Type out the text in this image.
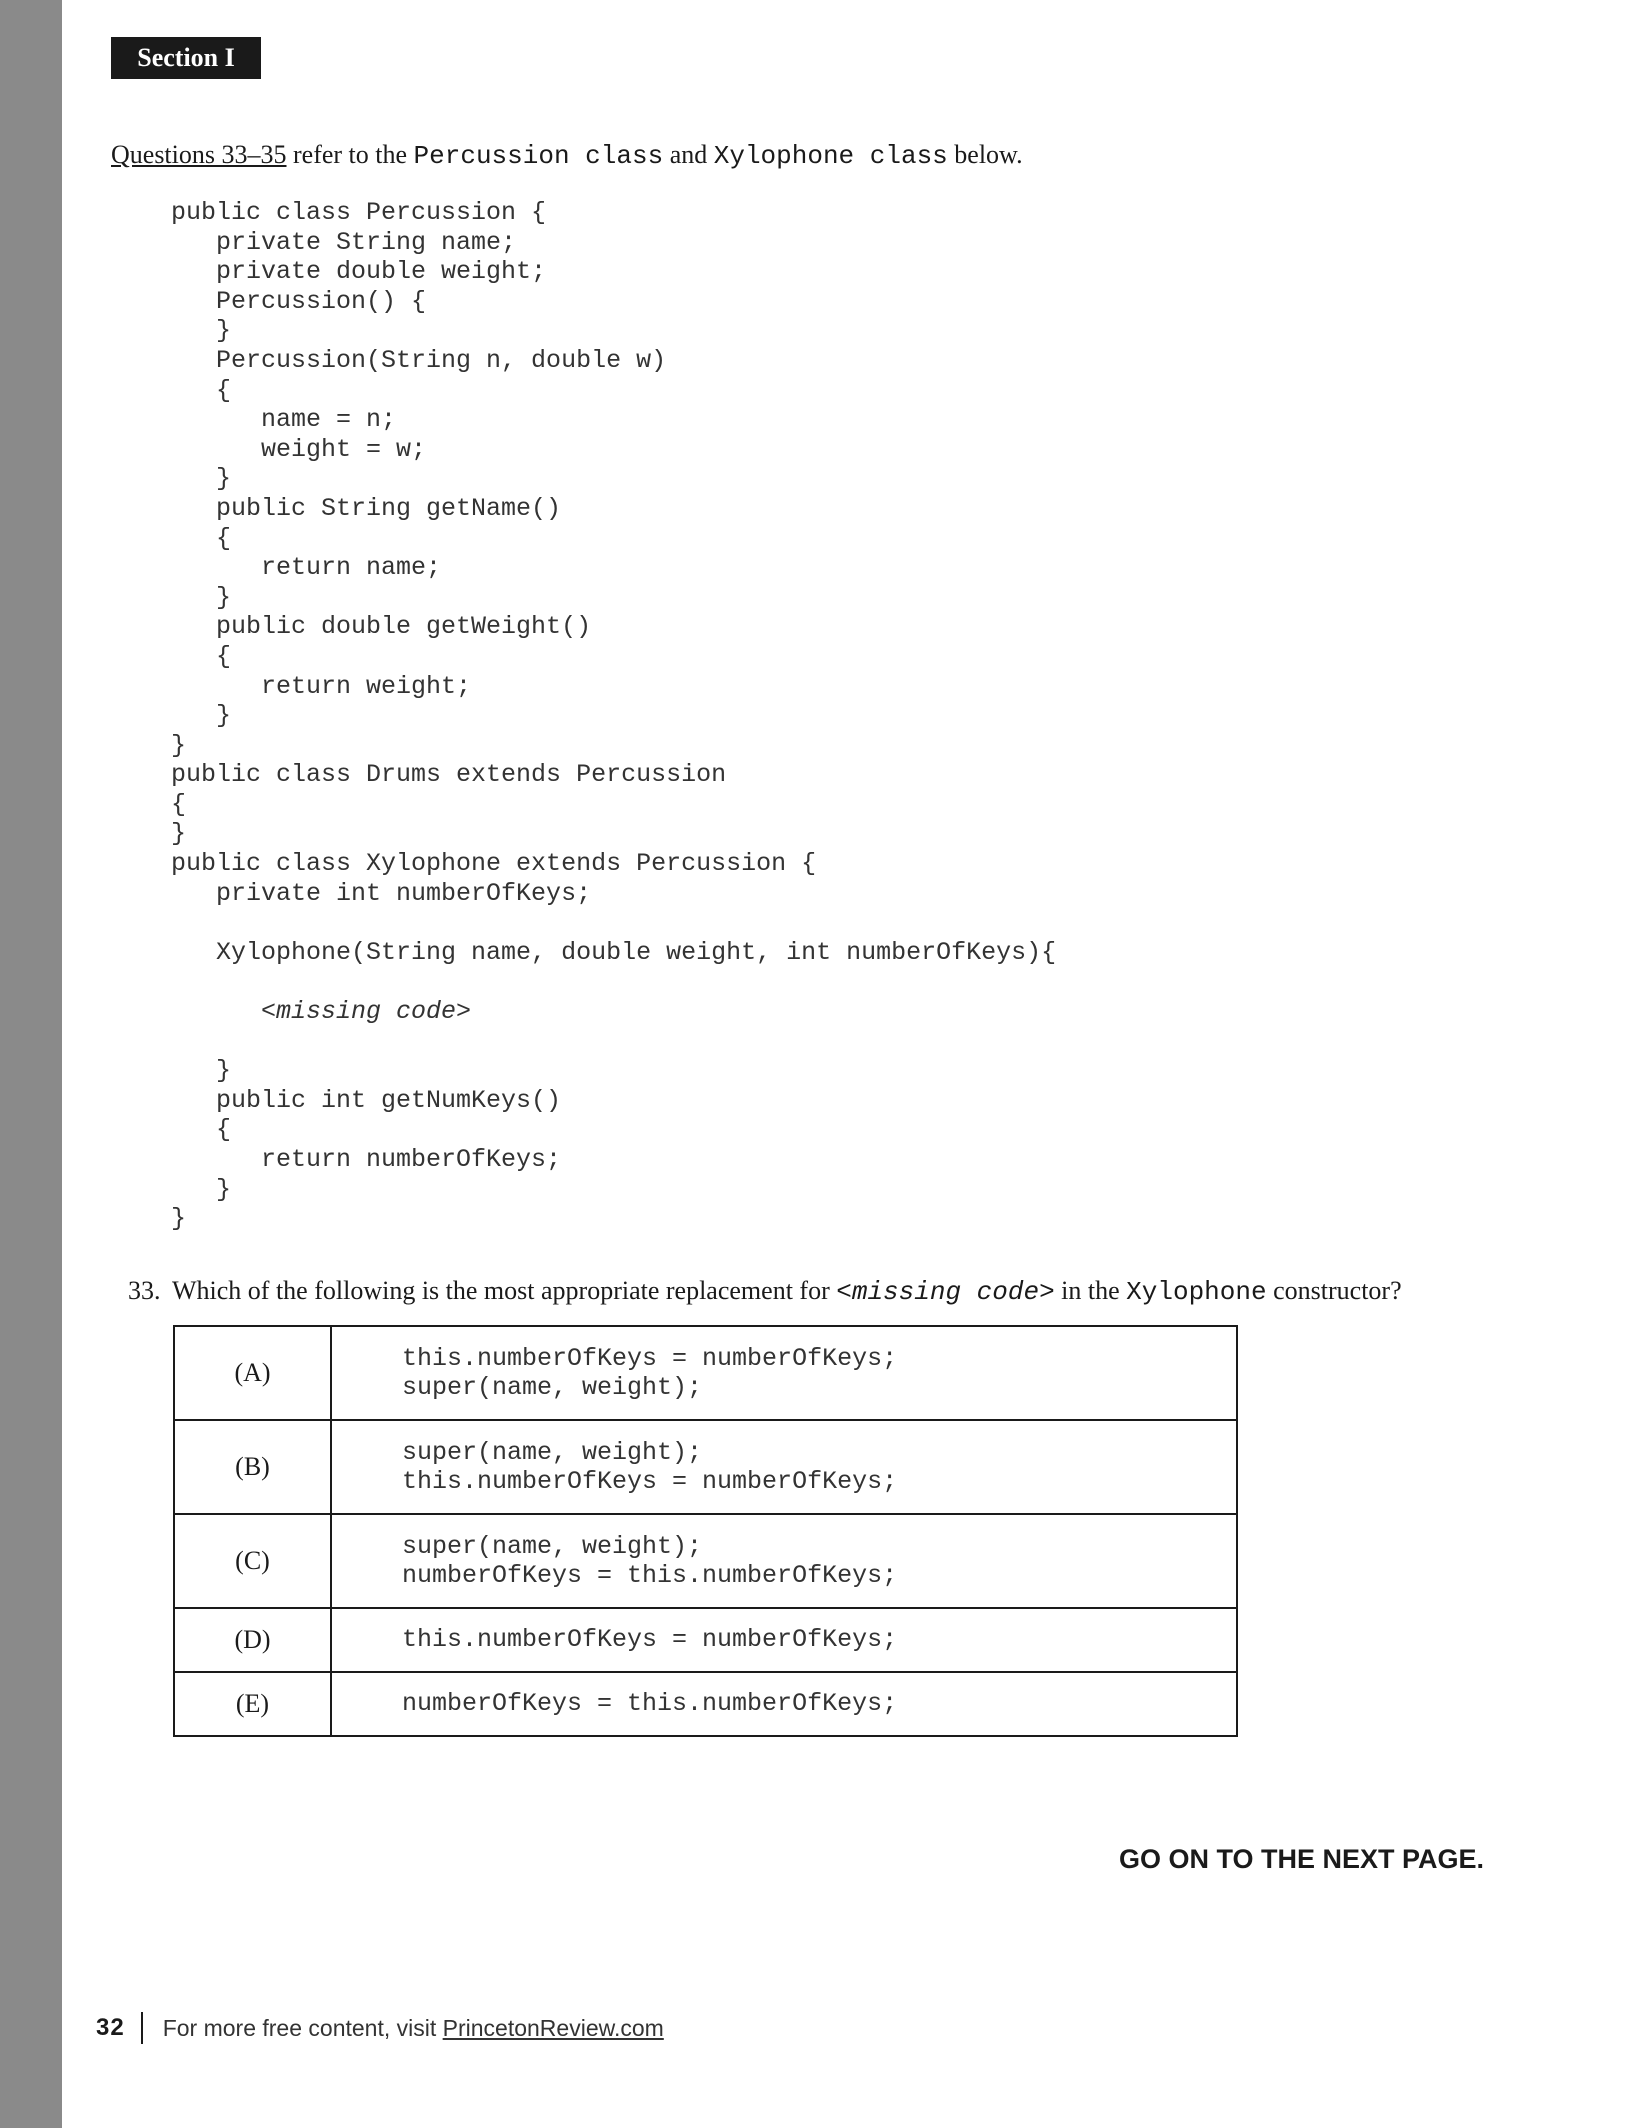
Section I
Questions 33–35 refer to the Percussion class and Xylophone class below.
public class Percussion {
private String name;
private double weight;
Percussion() {
}
Percussion(String n, double w)
{
name = n;
weight = w;
}
public String getName()
{
return name;
}
public double getWeight()
{
return weight;
}
}
public class Drums extends Percussion
{
}
public class Xylophone extends Percussion {
private int numberOfKeys;

Xylophone(String name, double weight, int numberOfKeys){

<missing code>

}
public int getNumKeys()
{
return numberOfKeys;
}
}
33. Which of the following is the most appropriate replacement for <missing code> in the Xylophone constructor?
(A)	this.numberOfKeys = numberOfKeys;
super(name, weight);

(B)	super(name, weight);
this.numberOfKeys = numberOfKeys;

(C)	super(name, weight);
numberOfKeys = this.numberOfKeys;

(D)	this.numberOfKeys = numberOfKeys;

(E)	numberOfKeys = this.numberOfKeys;
GO ON TO THE NEXT PAGE.
32 For more free content, visit PrincetonReview.com
